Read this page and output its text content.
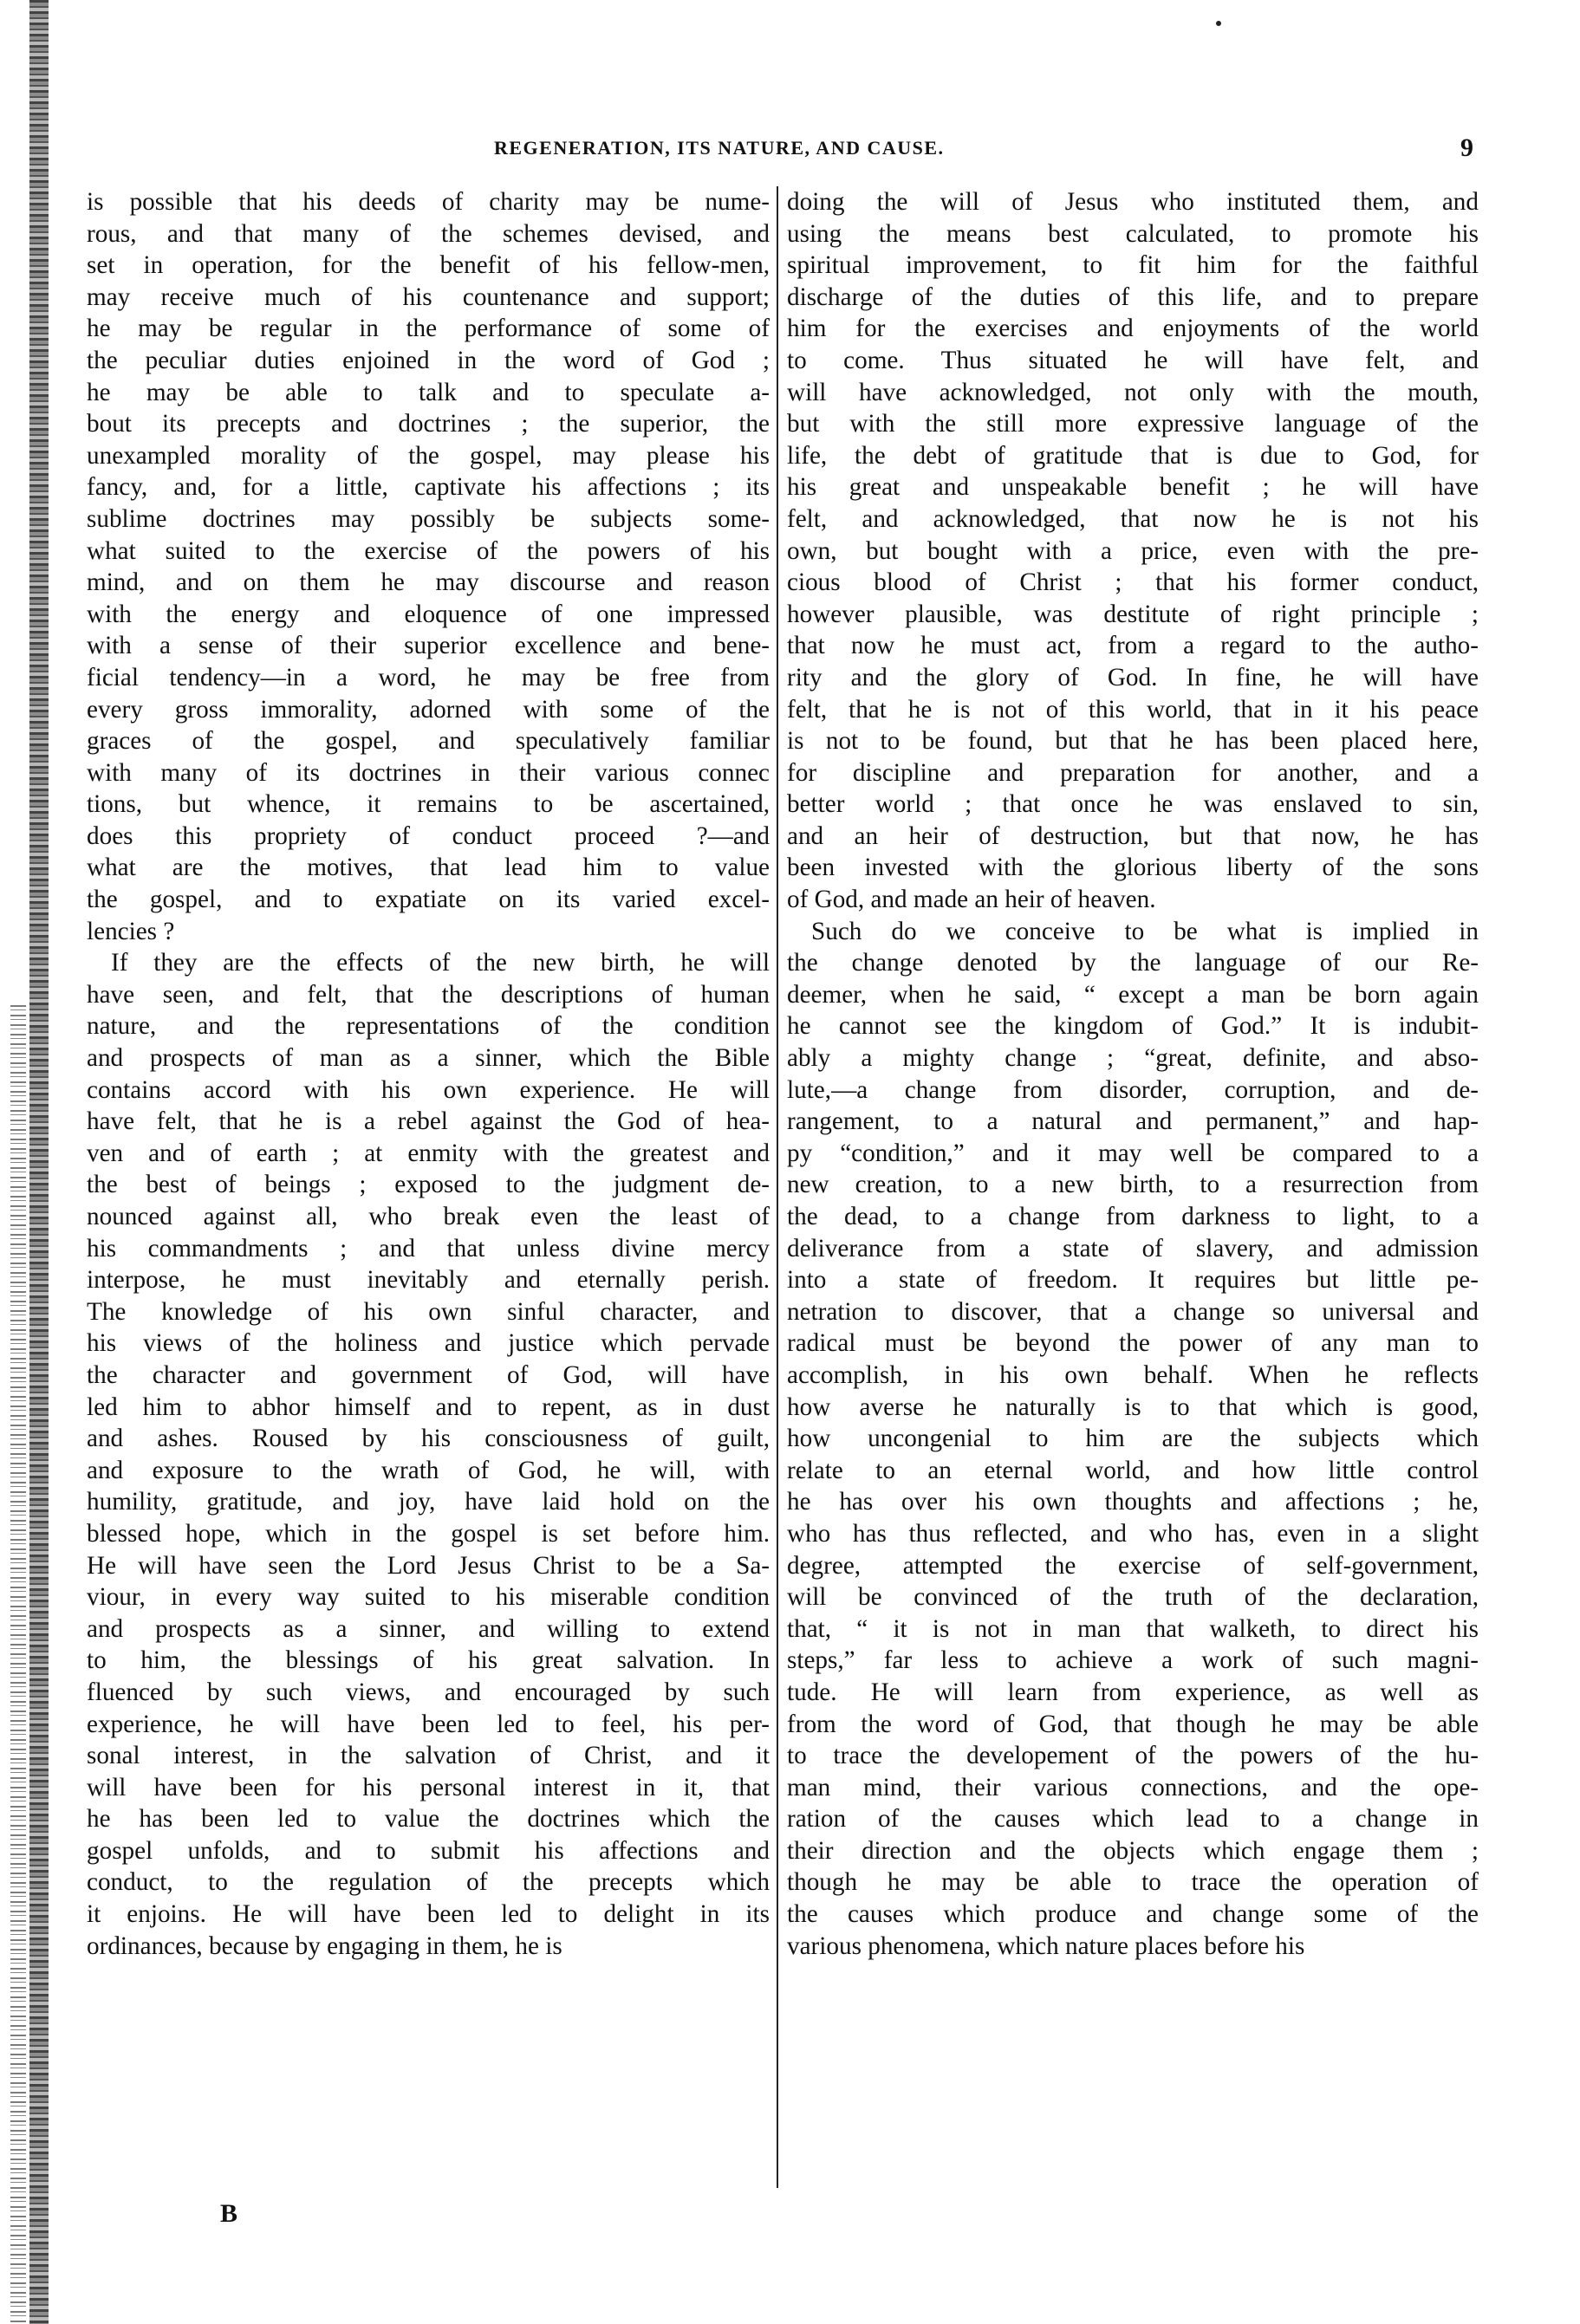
REGENERATION, ITS NATURE, AND CAUSE.	9
is possible that his deeds of charity may be nume-
rous, and that many of the schemes devised, and
set in operation, for the benefit of his fellow-men,
may receive much of his countenance and support;
he may be regular in the performance of some of
the peculiar duties enjoined in the word of God ;
he may be able to talk and to speculate a-
bout its precepts and doctrines ; the superior, the
unexampled morality of the gospel, may please his
fancy, and, for a little, captivate his affections ; its
sublime doctrines may possibly be subjects some-
what suited to the exercise of the powers of his
mind, and on them he may discourse and reason
with the energy and eloquence of one impressed
with a sense of their superior excellence and bene-
ficial tendency—in a word, he may be free from
every gross immorality, adorned with some of the
graces of the gospel, and speculatively familiar
with many of its doctrines in their various connec
tions, but whence, it remains to be ascertained,
does this propriety of conduct proceed ?—and
what are the motives, that lead him to value
the gospel, and to expatiate on its varied excel-
lencies ?
If they are the effects of the new birth, he will
have seen, and felt, that the descriptions of human
nature, and the representations of the condition
and prospects of man as a sinner, which the Bible
contains accord with his own experience. He will
have felt, that he is a rebel against the God of hea-
ven and of earth ; at enmity with the greatest and
the best of beings ; exposed to the judgment de-
nounced against all, who break even the least of
his commandments ; and that unless divine mercy
interpose, he must inevitably and eternally perish.
The knowledge of his own sinful character, and
his views of the holiness and justice which pervade
the character and government of God, will have
led him to abhor himself and to repent, as in dust
and ashes. Roused by his consciousness of guilt,
and exposure to the wrath of God, he will, with
humility, gratitude, and joy, have laid hold on the
blessed hope, which in the gospel is set before him.
He will have seen the Lord Jesus Christ to be a Sa-
viour, in every way suited to his miserable condition
and prospects as a sinner, and willing to extend
to him, the blessings of his great salvation. In
fluenced by such views, and encouraged by such
experience, he will have been led to feel, his per-
sonal interest, in the salvation of Christ, and it
will have been for his personal interest in it, that
he has been led to value the doctrines which the
gospel unfolds, and to submit his affections and
conduct, to the regulation of the precepts which
it enjoins. He will have been led to delight in its
ordinances, because by engaging in them, he is
doing the will of Jesus who instituted them, and
using the means best calculated, to promote his
spiritual improvement, to fit him for the faithful
discharge of the duties of this life, and to prepare
him for the exercises and enjoyments of the world
to come. Thus situated he will have felt, and
will have acknowledged, not only with the mouth,
but with the still more expressive language of the
life, the debt of gratitude that is due to God, for
his great and unspeakable benefit ; he will have
felt, and acknowledged, that now he is not his
own, but bought with a price, even with the pre-
cious blood of Christ ; that his former conduct,
however plausible, was destitute of right principle ;
that now he must act, from a regard to the autho-
rity and the glory of God. In fine, he will have
felt, that he is not of this world, that in it his peace
is not to be found, but that he has been placed here,
for discipline and preparation for another, and a
better world ; that once he was enslaved to sin,
and an heir of destruction, but that now, he has
been invested with the glorious liberty of the sons
of God, and made an heir of heaven.
Such do we conceive to be what is implied in
the change denoted by the language of our Re-
deemer, when he said, “ except a man be born again
he cannot see the kingdom of God.” It is indubit-
ably a mighty change ; “great, definite, and abso-
lute,—a change from disorder, corruption, and de-
rangement, to a natural and permanent,” and hap-
py “condition,” and it may well be compared to a
new creation, to a new birth, to a resurrection from
the dead, to a change from darkness to light, to a
deliverance from a state of slavery, and admission
into a state of freedom. It requires but little pe-
netration to discover, that a change so universal and
radical must be beyond the power of any man to
accomplish, in his own behalf. When he reflects
how averse he naturally is to that which is good,
how uncongenial to him are the subjects which
relate to an eternal world, and how little control
he has over his own thoughts and affections ; he,
who has thus reflected, and who has, even in a slight
degree, attempted the exercise of self-government,
will be convinced of the truth of the declaration,
that, “ it is not in man that walketh, to direct his
steps,” far less to achieve a work of such magni-
tude. He will learn from experience, as well as
from the word of God, that though he may be able
to trace the developement of the powers of the hu-
man mind, their various connections, and the ope-
ration of the causes which lead to a change in
their direction and the objects which engage them ;
though he may be able to trace the operation of
the causes which produce and change some of the
various phenomena, which nature places before his
B
